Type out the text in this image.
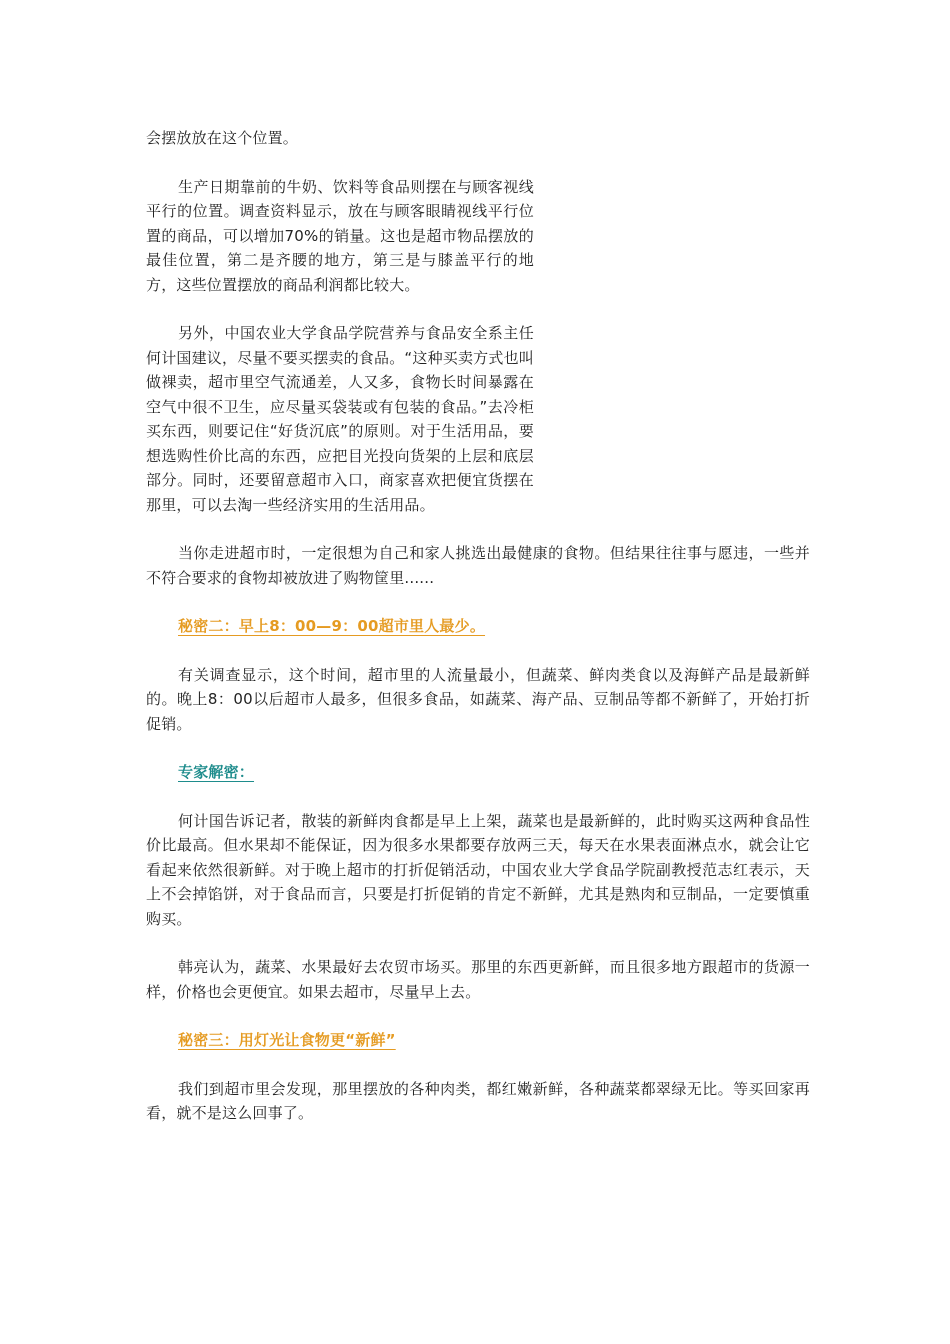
会摆放放在这个位置。

生产日期靠前的牛奶、饮料等食品则摆在与顾客视线平行的位置。调查资料显示，放在与顾客眼睛视线平行位置的商品，可以增加70%的销量。这也是超市物品摆放的最佳位置，第二是齐腰的地方，第三是与膝盖平行的地方，这些位置摆放的商品利润都比较大。

另外，中国农业大学食品学院营养与食品安全系主任何计国建议，尽量不要买摆卖的食品。“这种买卖方式也叫做裸卖，超市里空气流通差，人又多，食物长时间暴露在空气中很不卫生，应尽量买袋装或有包装的食品。”去冷柜买东西，则要记住“好货沉底”的原则。对于生活用品，要想选购性价比高的东西，应把目光投向货架的上层和底层部分。同时，还要留意超市入口，商家喜欢把便宜货摆在那里，可以去淘一些经济实用的生活用品。

当你走进超市时，一定很想为自己和家人挑选出最健康的食物。但结果往往事与愿违，一些并不符合要求的食物却被放进了购物筐里......

秘密二：早上8：00—9：00超市里人最少。

有关调查显示，这个时间，超市里的人流量最小，但蔬菜、鲜肉类食以及海鲜产品是最新鲜的。晚上8：00以后超市人最多，但很多食品，如蔬菜、海产品、豆制品等都不新鲜了，开始打折促销。

专家解密：

何计国告诉记者，散装的新鲜肉食都是早上上架，蔬菜也是最新鲜的，此时购买这两种食品性价比最高。但水果却不能保证，因为很多水果都要存放两三天，每天在水果表面淋点水，就会让它看起来依然很新鲜。对于晚上超市的打折促销活动，中国农业大学食品学院副教授范志红表示，天上不会掉馅饼，对于食品而言，只要是打折促销的肯定不新鲜，尤其是熟肉和豆制品，一定要慎重购买。

韩亮认为，蔬菜、水果最好去农贸市场买。那里的东西更新鲜，而且很多地方跟超市的货源一样，价格也会更便宜。如果去超市，尽量早上去。

秘密三：用灯光让食物更“新鲜”

我们到超市里会发现，那里摆放的各种肉类，都红嫩新鲜，各种蔬菜都翠绿无比。等买回家再看，就不是这么回事了。
